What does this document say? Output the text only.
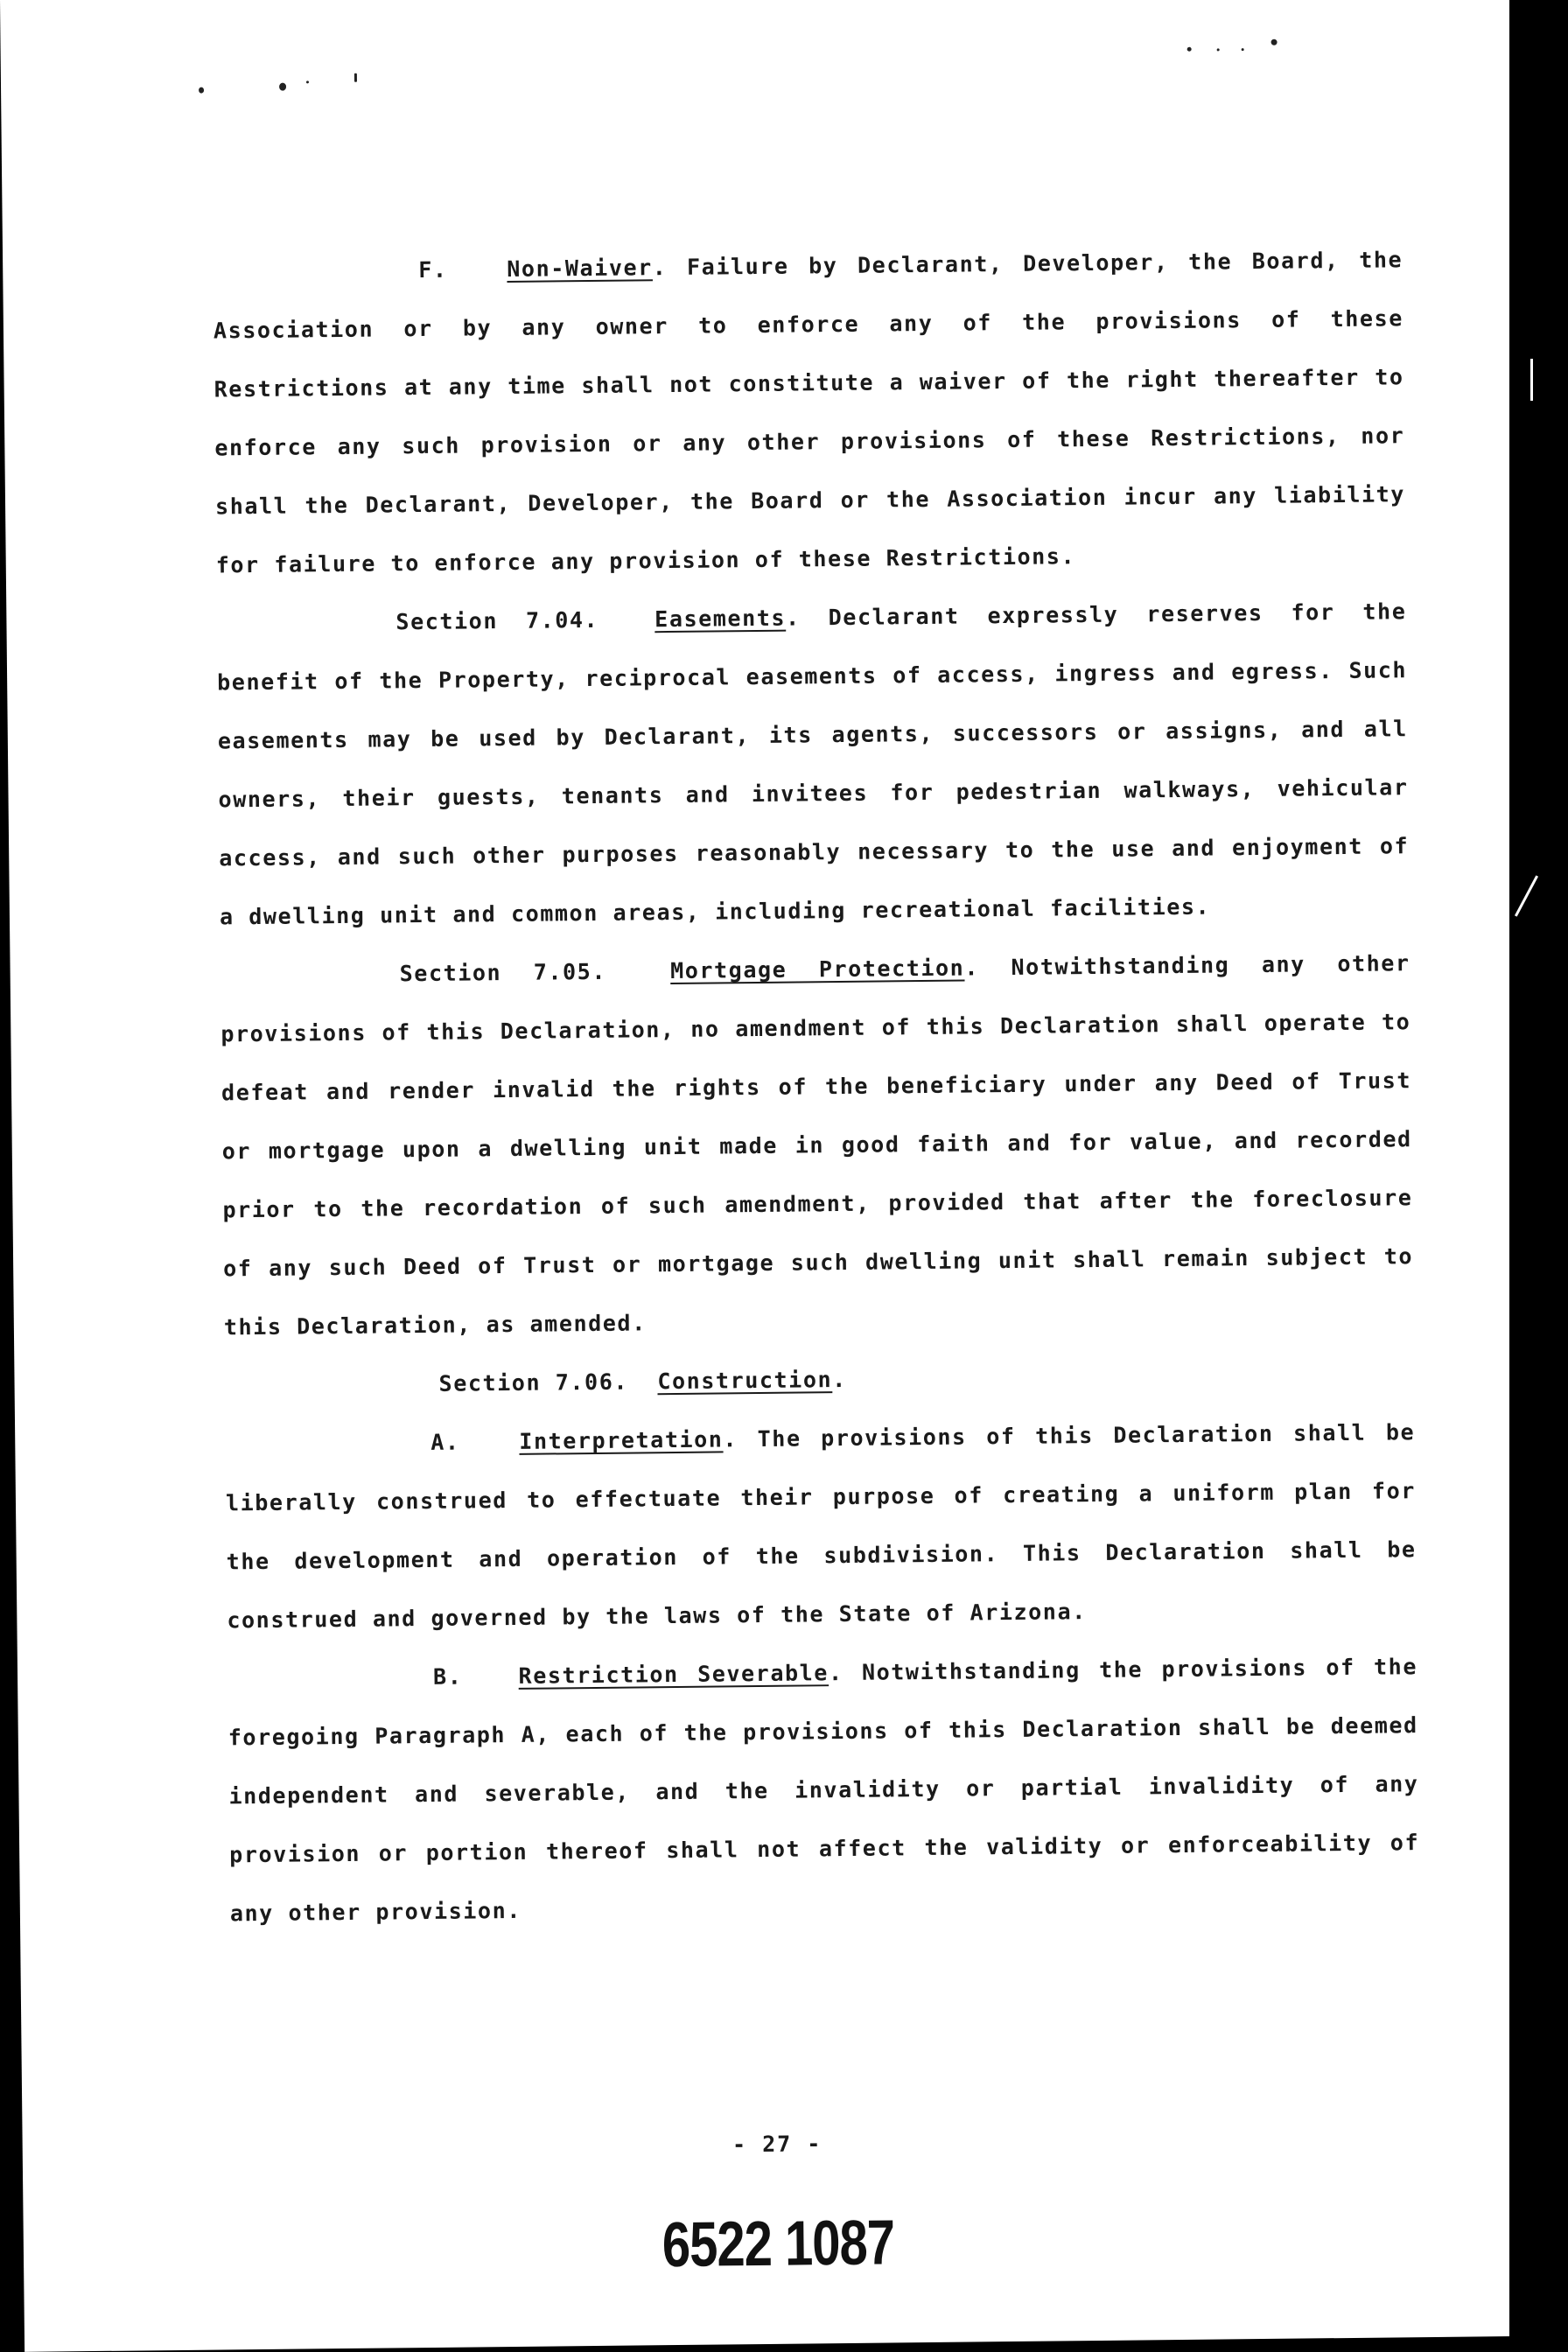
F.	Non-Waiver. Failure by Declarant, Developer, the Board, the Association or by any owner to enforce any of the provisions of these Restrictions at any time shall not constitute a waiver of the right thereafter to enforce any such provision or any other provisions of these Restrictions, nor shall the Declarant, Developer, the Board or the Association incur any liability for failure to enforce any provision of these Restrictions.

Section 7.04.	Easements. Declarant expressly reserves for the benefit of the Property, reciprocal easements of access, ingress and egress. Such easements may be used by Declarant, its agents, successors or assigns, and all owners, their guests, tenants and invitees for pedestrian walkways, vehicular access, and such other purposes reasonably necessary to the use and enjoyment of a dwelling unit and common areas, including recreational facilities.

Section 7.05.	Mortgage Protection. Notwithstanding any other provisions of this Declaration, no amendment of this Declaration shall operate to defeat and render invalid the rights of the beneficiary under any Deed of Trust or mortgage upon a dwelling unit made in good faith and for value, and recorded prior to the recordation of such amendment, provided that after the foreclosure of any such Deed of Trust or mortgage such dwelling unit shall remain subject to this Declaration, as amended.

Section 7.06. Construction.

A.	Interpretation. The provisions of this Declaration shall be liberally construed to effectuate their purpose of creating a uniform plan for the development and operation of the subdivision. This Declaration shall be construed and governed by the laws of the State of Arizona.

B.	Restriction Severable. Notwithstanding the provisions of the foregoing Paragraph A, each of the provisions of this Declaration shall be deemed independent and severable, and the invalidity or partial invalidity of any provision or portion thereof shall not affect the validity or enforceability of any other provision.

- 27 -
6522 1087
